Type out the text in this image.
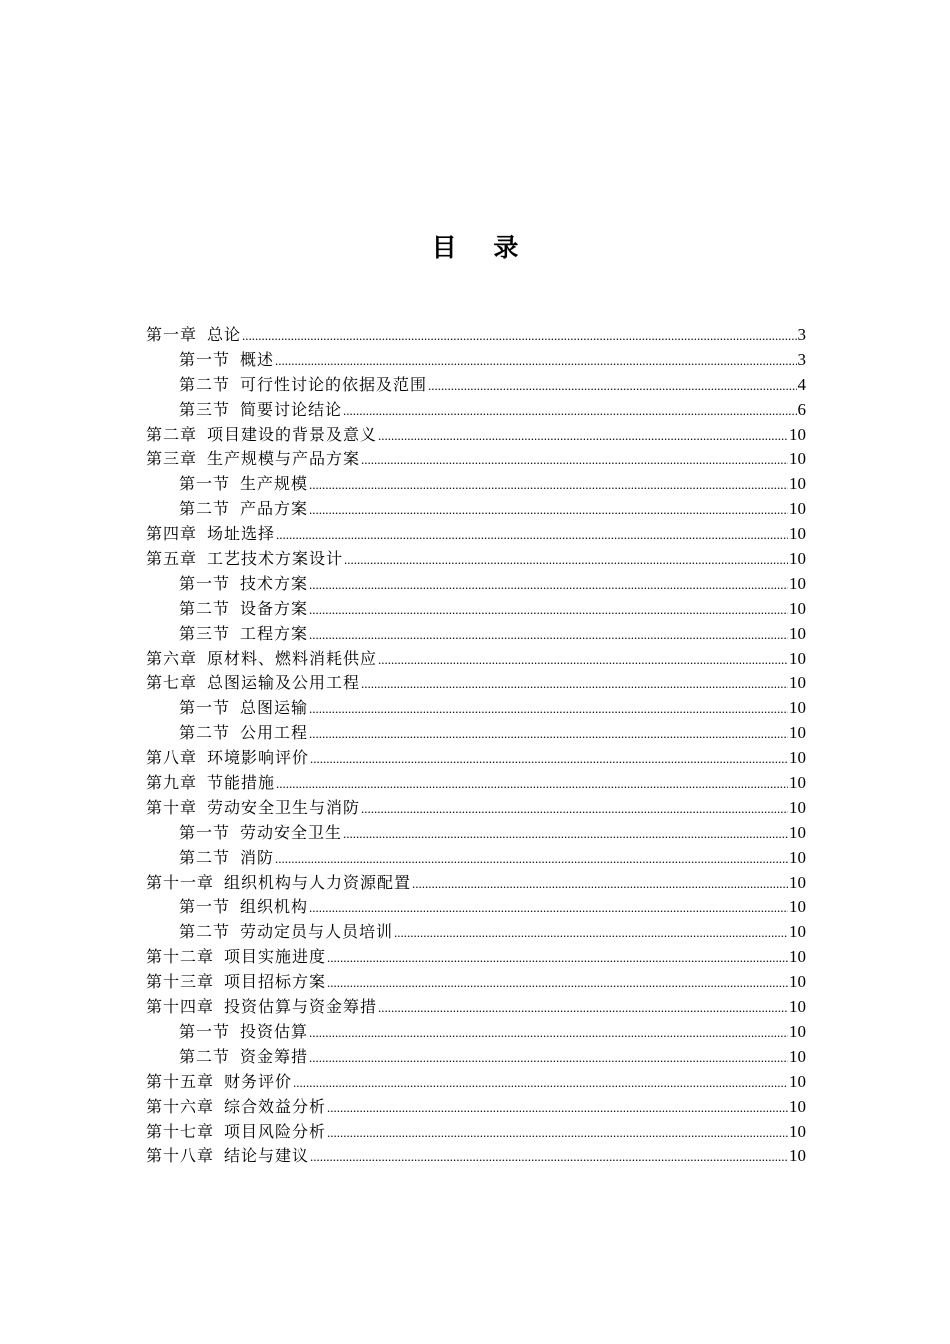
目 录
第一章 总论 .....	3
第一节 概述 .....	3
第二节 可行性讨论的依据及范围 .....	4
第三节 简要讨论结论 .....	6
第二章 项目建设的背景及意义 .....	10
第三章 生产规模与产品方案 .....	10
第一节 生产规模 .....	10
第二节 产品方案 .....	10
第四章 场址选择 .....	10
第五章 工艺技术方案设计 .....	10
第一节 技术方案 .....	10
第二节 设备方案 .....	10
第三节 工程方案 .....	10
第六章 原材料、燃料消耗供应 .....	10
第七章 总图运输及公用工程 .....	10
第一节 总图运输 .....	10
第二节 公用工程 .....	10
第八章 环境影响评价 .....	10
第九章 节能措施 .....	10
第十章 劳动安全卫生与消防 .....	10
第一节 劳动安全卫生 .....	10
第二节 消防 .....	10
第十一章 组织机构与人力资源配置 .....	10
第一节 组织机构 .....	10
第二节 劳动定员与人员培训 .....	10
第十二章 项目实施进度 .....	10
第十三章 项目招标方案 .....	10
第十四章 投资估算与资金筹措 .....	10
第一节 投资估算 .....	10
第二节 资金筹措 .....	10
第十五章 财务评价 .....	10
第十六章 综合效益分析 .....	10
第十七章 项目风险分析 .....	10
第十八章 结论与建议 .....	10
